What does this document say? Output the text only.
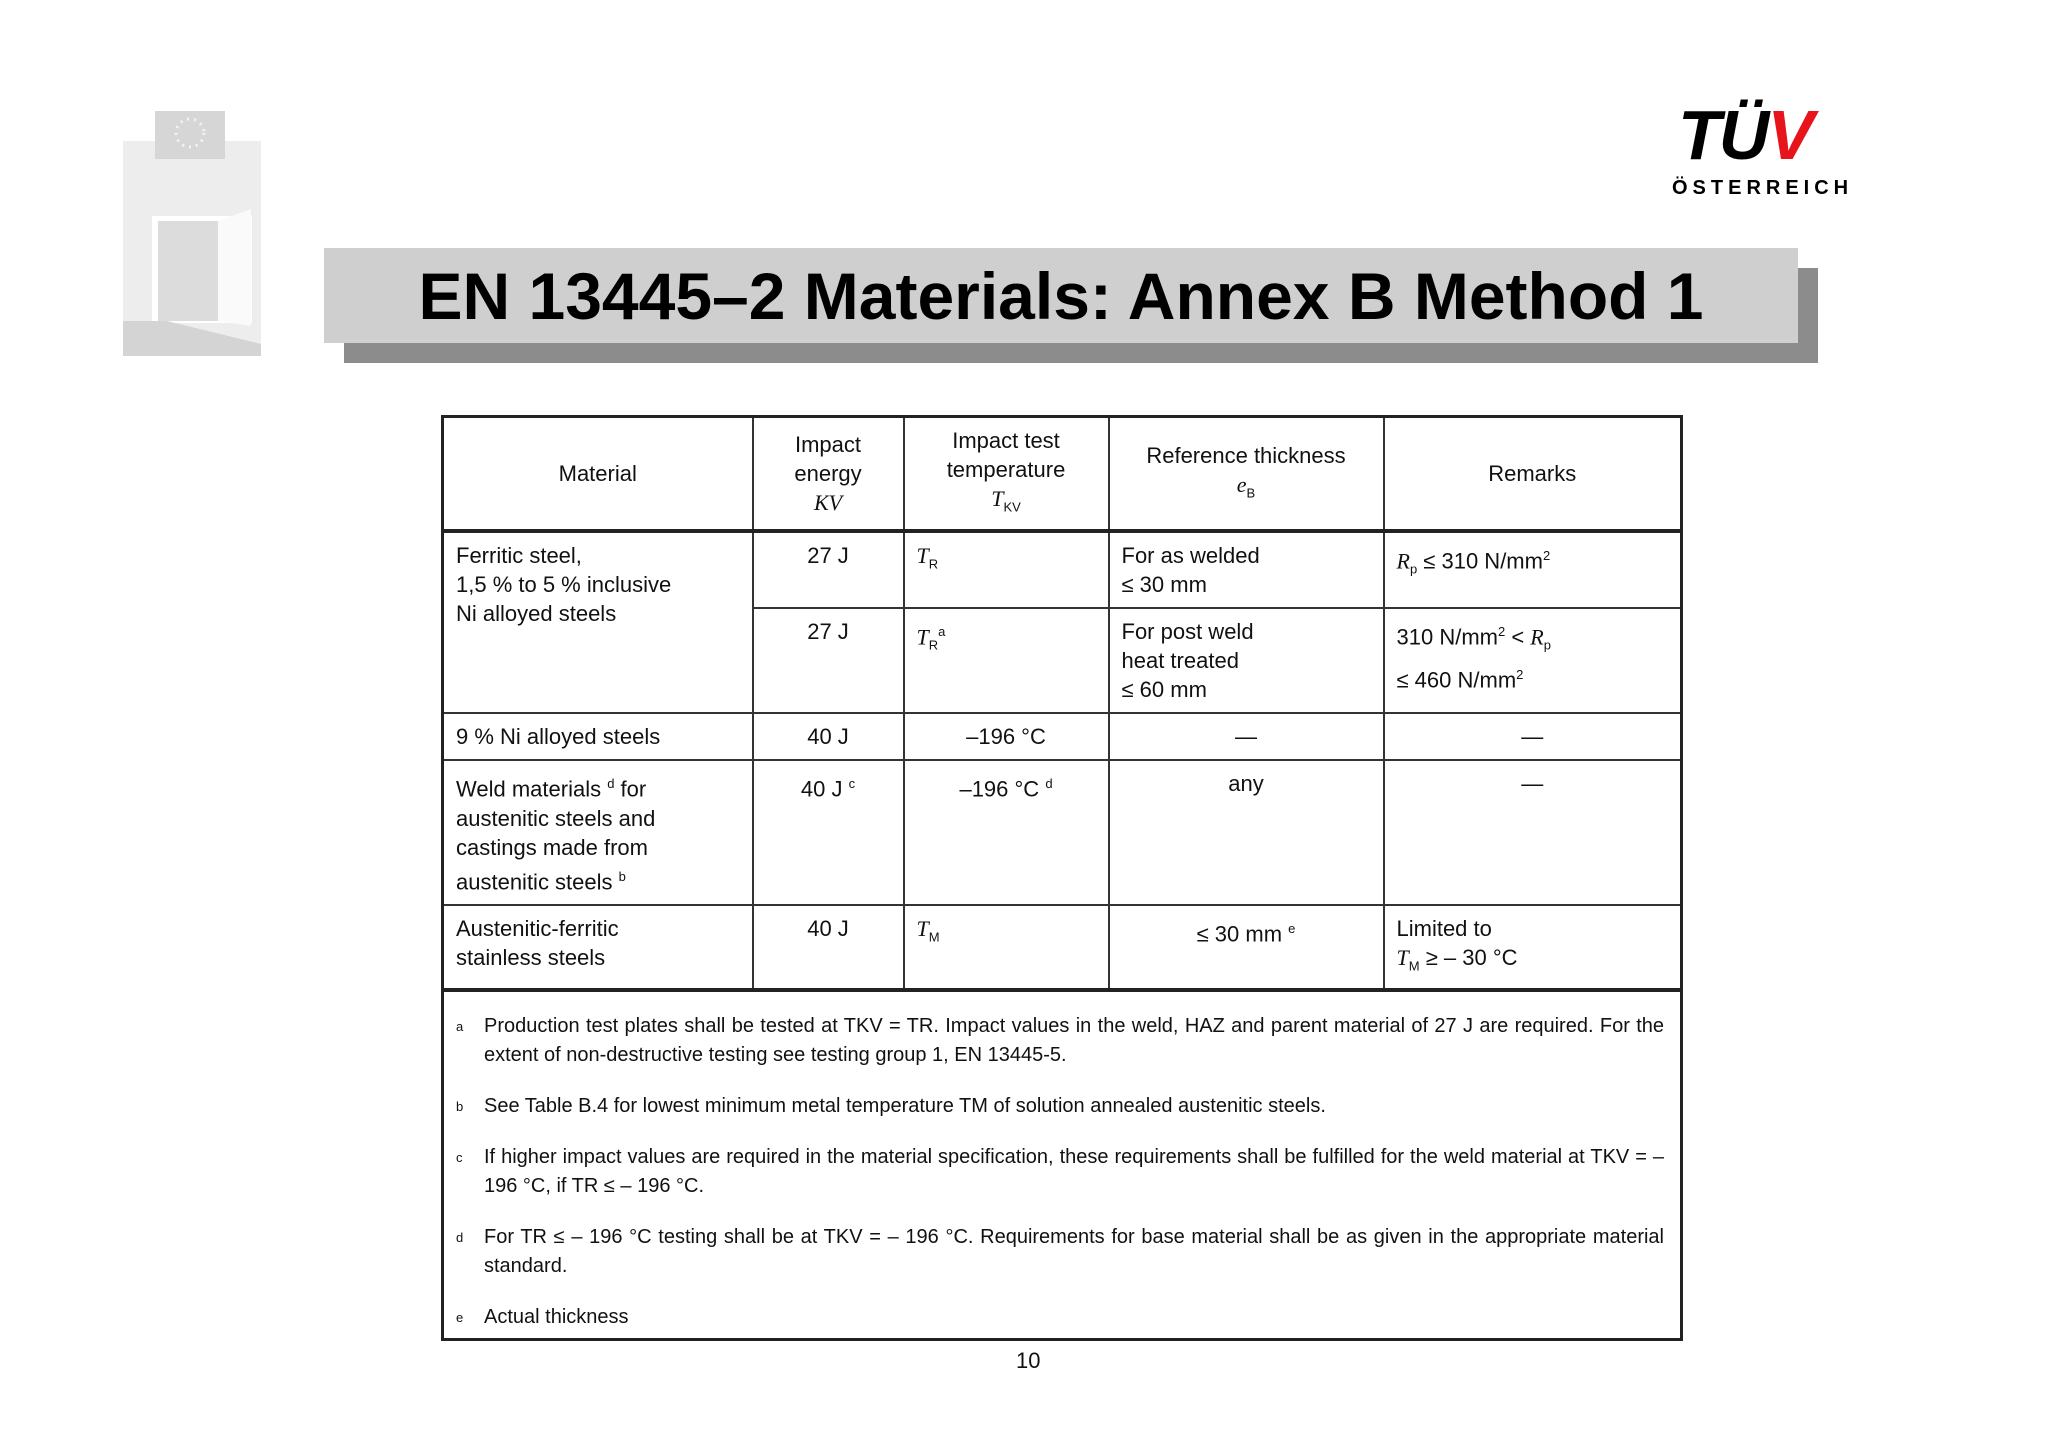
TÜV
ÖSTERREICH
EN 13445–2 Materials: Annex B Method 1
Material	Impact
energy
KV	Impact test
temperature
$T_{KV}$	Reference thickness
$e_B$	Remarks
Ferritic steel,
1,5 % to 5 % inclusive
Ni alloyed steels	27 J	$T_R$	For as welded
≤ 30 mm	$R_p \le 310$ $N/mm^2$
27 J	$T_R^a$	For post weld
heat treated
≤ 60 mm	310 $N/mm^2 < R_p$
≤ 460 $N/mm^2$
9 % Ni alloyed steels	40 J	–196 °C	—	—
Weld materials $^d$ for
austenitic steels and
castings made from
austenitic steels $^b$	40 J $^c$	–196 °C $^d$	any	—
Austenitic-ferritic
stainless steels	40 J	$T_M$	≤ 30 mm $^e$	Limited to
$T_M$ ≥ – 30 °C

a	Production test plates shall be tested at TKV = TR. Impact values in the weld, HAZ and parent material of 27 J are required. For the extent of non-destructive testing see testing group 1, EN 13445-5.
b	See Table B.4 for lowest minimum metal temperature TM of solution annealed austenitic steels.
c	If higher impact values are required in the material specification, these requirements shall be fulfilled for the weld material at TKV = – 196 °C, if TR ≤ – 196 °C.
d	For TR ≤ – 196 °C testing shall be at TKV = – 196 °C. Requirements for base material shall be as given in the appropriate material standard.
e	Actual thickness
10
